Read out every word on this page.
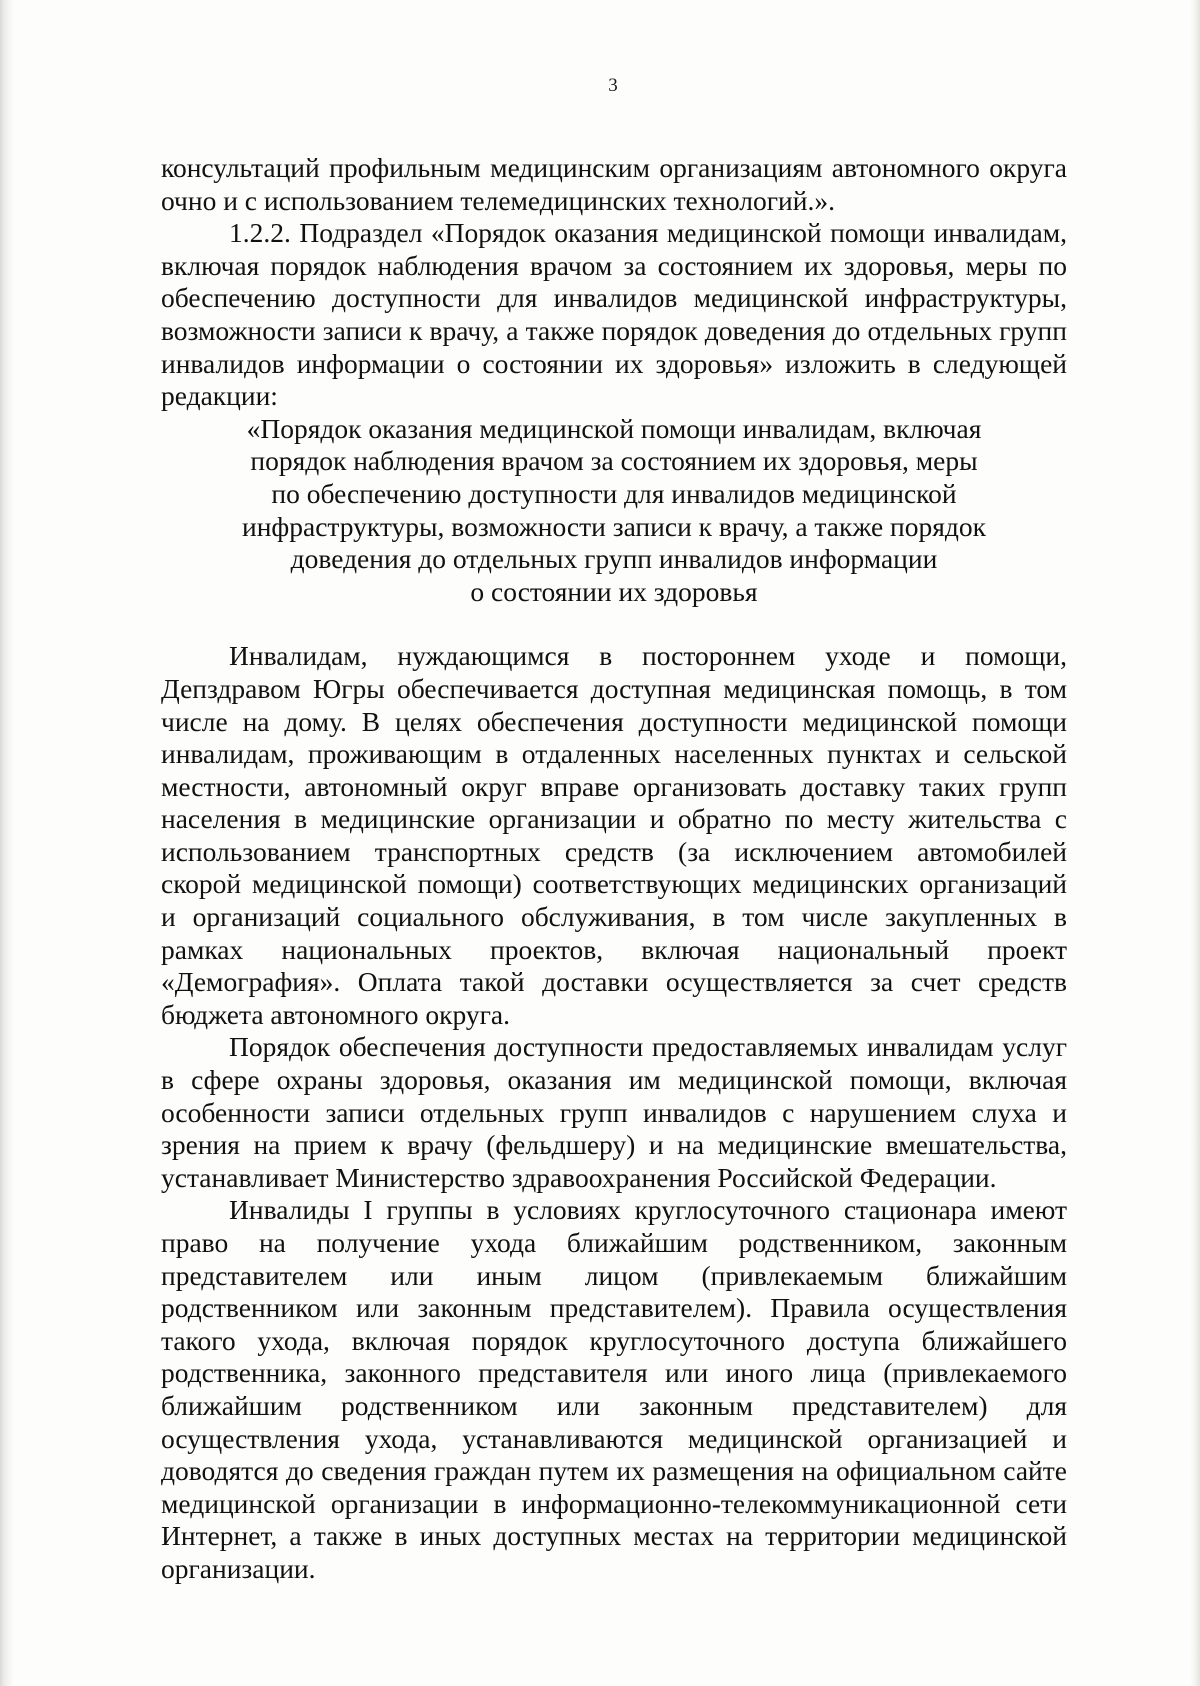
3

консультаций профильным медицинским организациям автономного округа очно и с использованием телемедицинских технологий.».

1.2.2. Подраздел «Порядок оказания медицинской помощи инвалидам, включая порядок наблюдения врачом за состоянием их здоровья, меры по обеспечению доступности для инвалидов медицинской инфраструктуры, возможности записи к врачу, а также порядок доведения до отдельных групп инвалидов информации о состоянии их здоровья» изложить в следующей редакции:

«Порядок оказания медицинской помощи инвалидам, включая

порядок наблюдения врачом за состоянием их здоровья, меры

по обеспечению доступности для инвалидов медицинской

инфраструктуры, возможности записи к врачу, а также порядок

доведения до отдельных групп инвалидов информации

о состоянии их здоровья

Инвалидам, нуждающимся в постороннем уходе и помощи, Депздравом Югры обеспечивается доступная медицинская помощь, в том числе на дому. В целях обеспечения доступности медицинской помощи инвалидам, проживающим в отдаленных населенных пунктах и сельской местности, автономный округ вправе организовать доставку таких групп населения в медицинские организации и обратно по месту жительства с использованием транспортных средств (за исключением автомобилей скорой медицинской помощи) соответствующих медицинских организаций и организаций социального обслуживания, в том числе закупленных в рамках национальных проектов, включая национальный проект «Демография». Оплата такой доставки осуществляется за счет средств бюджета автономного округа.

Порядок обеспечения доступности предоставляемых инвалидам услуг в сфере охраны здоровья, оказания им медицинской помощи, включая особенности записи отдельных групп инвалидов с нарушением слуха и зрения на прием к врачу (фельдшеру) и на медицинские вмешательства, устанавливает Министерство здравоохранения Российской Федерации.

Инвалиды I группы в условиях круглосуточного стационара имеют право на получение ухода ближайшим родственником, законным представителем или иным лицом (привлекаемым ближайшим родственником или законным представителем). Правила осуществления такого ухода, включая порядок круглосуточного доступа ближайшего родственника, законного представителя или иного лица (привлекаемого ближайшим родственником или законным представителем) для осуществления ухода, устанавливаются медицинской организацией и доводятся до сведения граждан путем их размещения на официальном сайте медицинской организации в информационно-телекоммуникационной сети Интернет, а также в иных доступных местах на территории медицинской организации.
